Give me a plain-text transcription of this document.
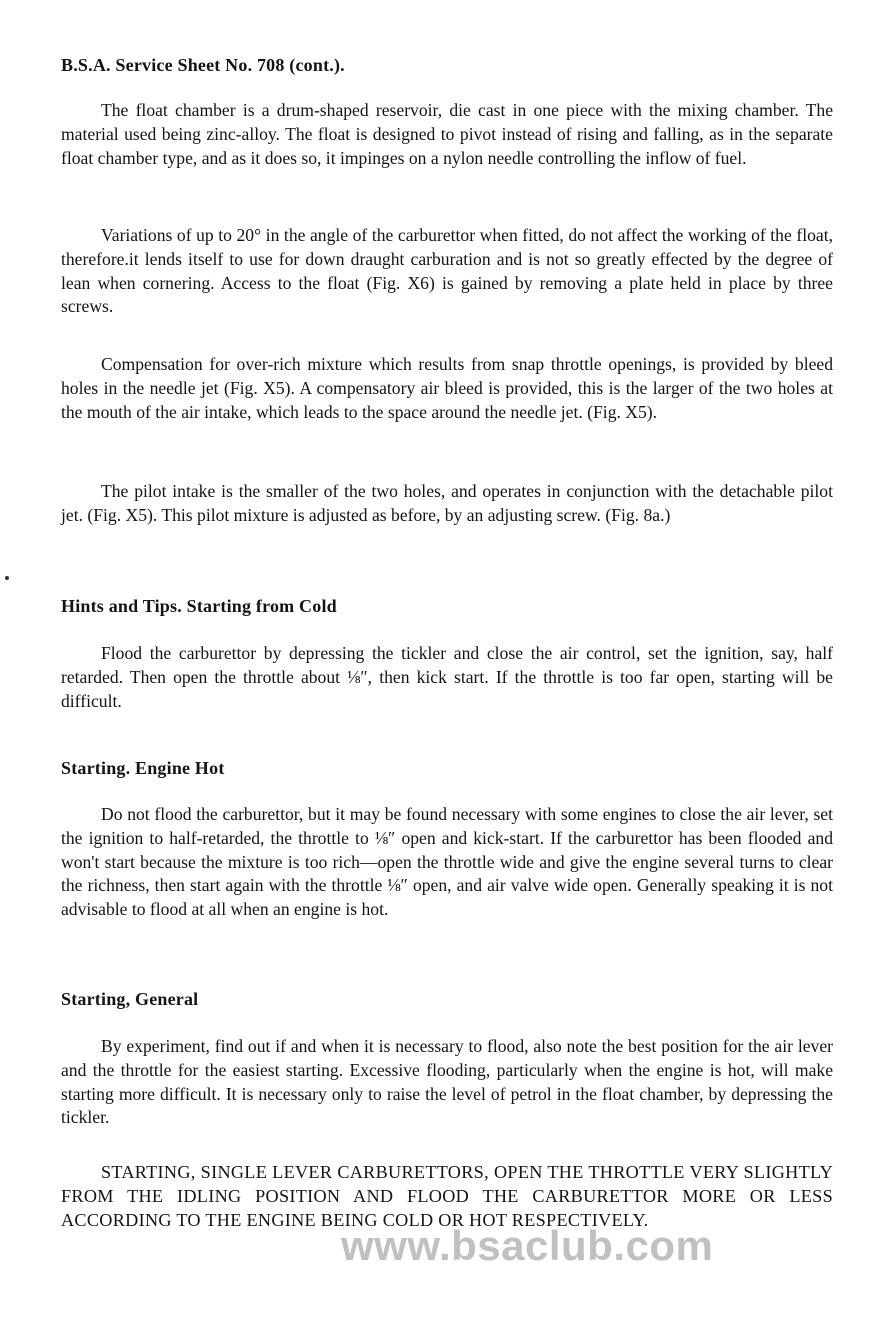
www.bsaclub.com
B.S.A. Service Sheet No. 708 (cont.).
The float chamber is a drum-shaped reservoir, die cast in one piece with the mixing chamber. The material used being zinc-alloy. The float is designed to pivot instead of rising and falling, as in the separate float chamber type, and as it does so, it impinges on a nylon needle controlling the inflow of fuel.
Variations of up to 20° in the angle of the carburettor when fitted, do not affect the working of the float, therefore.it lends itself to use for down draught carburation and is not so greatly effected by the degree of lean when cornering. Access to the float (Fig. X6) is gained by removing a plate held in place by three screws.
Compensation for over-rich mixture which results from snap throttle openings, is provided by bleed holes in the needle jet (Fig. X5). A compensatory air bleed is provided, this is the larger of the two holes at the mouth of the air intake, which leads to the space around the needle jet. (Fig. X5).
The pilot intake is the smaller of the two holes, and operates in conjunction with the detachable pilot jet. (Fig. X5). This pilot mixture is adjusted as before, by an adjusting screw. (Fig. 8a.)
Hints and Tips. Starting from Cold
Flood the carburettor by depressing the tickler and close the air control, set the ignition, say, half retarded. Then open the throttle about ⅛″, then kick start. If the throttle is too far open, starting will be difficult.
Starting. Engine Hot
Do not flood the carburettor, but it may be found necessary with some engines to close the air lever, set the ignition to half-retarded, the throttle to ⅛″ open and kick-start. If the carburettor has been flooded and won't start because the mixture is too rich—open the throttle wide and give the engine several turns to clear the richness, then start again with the throttle ⅛″ open, and air valve wide open. Generally speaking it is not advisable to flood at all when an engine is hot.
Starting, General
By experiment, find out if and when it is necessary to flood, also note the best position for the air lever and the throttle for the easiest starting. Excessive flooding, particularly when the engine is hot, will make starting more difficult. It is necessary only to raise the level of petrol in the float chamber, by depressing the tickler.
STARTING, SINGLE LEVER CARBURETTORS, OPEN THE THROTTLE VERY SLIGHTLY FROM THE IDLING POSITION AND FLOOD THE CARBURETTOR MORE OR LESS ACCORDING TO THE ENGINE BEING COLD OR HOT RESPECTIVELY.
